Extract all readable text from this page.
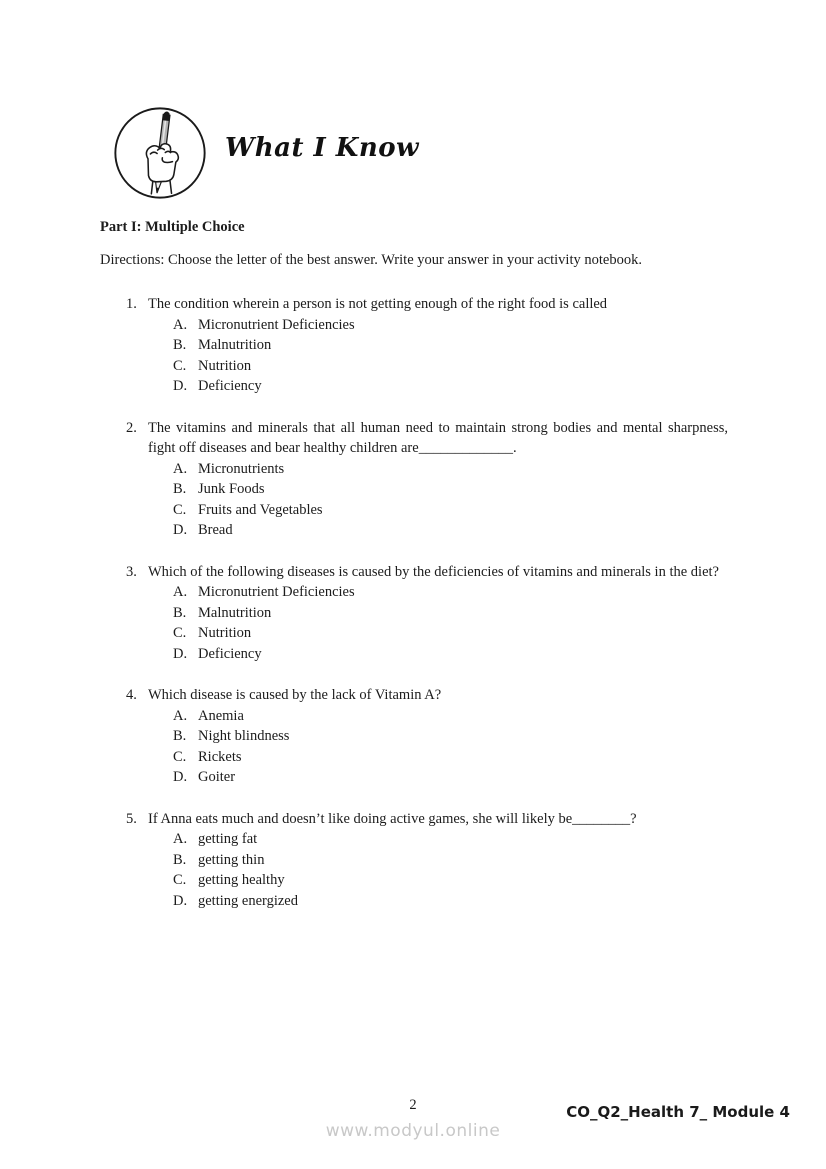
What I Know
Part I: Multiple Choice

Directions: Choose the letter of the best answer. Write your answer in your activity notebook.

1. The condition wherein a person is not getting enough of the right food is called

A. Micronutrient Deficiencies
B. Malnutrition
C. Nutrition
D. Deficiency
2. The vitamins and minerals that all human need to maintain strong bodies and mental sharpness, fight off diseases and bear healthy children are_____________.

A. Micronutrients
B. Junk Foods
C. Fruits and Vegetables
D. Bread
3. Which of the following diseases is caused by the deficiencies of vitamins and minerals in the diet?

A. Micronutrient Deficiencies
B. Malnutrition
C. Nutrition
D. Deficiency
4. Which disease is caused by the lack of Vitamin A?

A. Anemia
B. Night blindness
C. Rickets
D. Goiter
5. If Anna eats much and doesn’t like doing active games, she will likely be________?

A. getting fat
B. getting thin
C. getting healthy
D. getting energized
2
www.modyul.online
CO_Q2_Health 7_ Module 4
